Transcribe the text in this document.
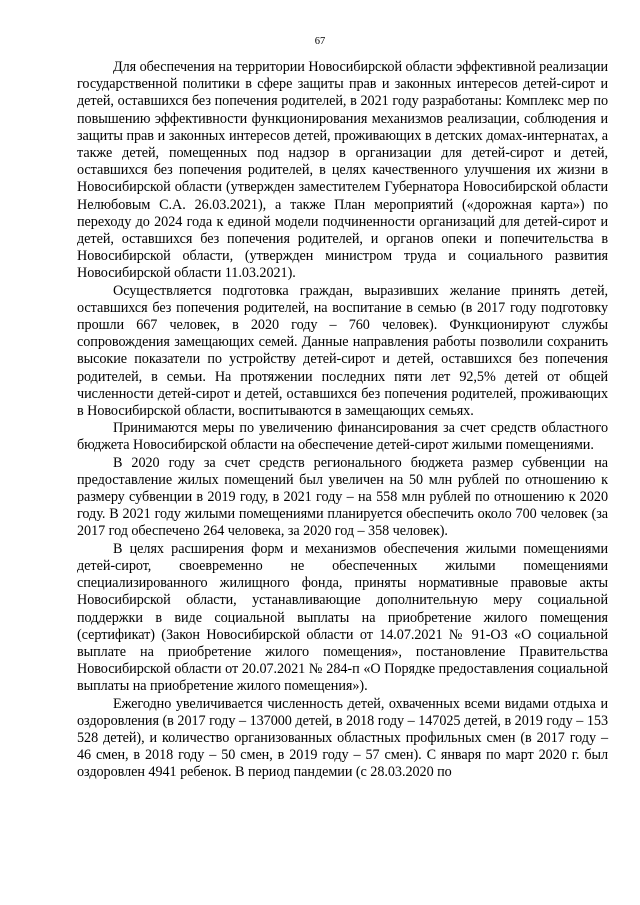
67

Для обеспечения на территории Новосибирской области эффективной реализации государственной политики в сфере защиты прав и законных интересов детей-сирот и детей, оставшихся без попечения родителей, в 2021 году разработаны: Комплекс мер по повышению эффективности функционирования механизмов реализации, соблюдения и защиты прав и законных интересов детей, проживающих в детских домах-интернатах, а также детей, помещенных под надзор в организации для детей-сирот и детей, оставшихся без попечения родителей, в целях качественного улучшения их жизни в Новосибирской области (утвержден заместителем Губернатора Новосибирской области Нелюбовым С.А. 26.03.2021), а также План мероприятий («дорожная карта») по переходу до 2024 года к единой модели подчиненности организаций для детей-сирот и детей, оставшихся без попечения родителей, и органов опеки и попечительства в Новосибирской области, (утвержден министром труда и социального развития Новосибирской области 11.03.2021).

Осуществляется подготовка граждан, выразивших желание принять детей, оставшихся без попечения родителей, на воспитание в семью (в 2017 году подготовку прошли 667 человек, в 2020 году – 760 человек). Функционируют службы сопровождения замещающих семей. Данные направления работы позволили сохранить высокие показатели по устройству детей-сирот и детей, оставшихся без попечения родителей, в семьи. На протяжении последних пяти лет 92,5% детей от общей численности детей-сирот и детей, оставшихся без попечения родителей, проживающих в Новосибирской области, воспитываются в замещающих семьях.

Принимаются меры по увеличению финансирования за счет средств областного бюджета Новосибирской области на обеспечение детей-сирот жилыми помещениями.

В 2020 году за счет средств регионального бюджета размер субвенции на предоставление жилых помещений был увеличен на 50 млн рублей по отношению к размеру субвенции в 2019 году, в 2021 году – на 558 млн рублей по отношению к 2020 году. В 2021 году жилыми помещениями планируется обеспечить около 700 человек (за 2017 год обеспечено 264 человека, за 2020 год – 358 человек).

В целях расширения форм и механизмов обеспечения жилыми помещениями детей-сирот, своевременно не обеспеченных жилыми помещениями специализированного жилищного фонда, приняты нормативные правовые акты Новосибирской области, устанавливающие дополнительную меру социальной поддержки в виде социальной выплаты на приобретение жилого помещения (сертификат) (Закон Новосибирской области от 14.07.2021 № 91-ОЗ «О социальной выплате на приобретение жилого помещения», постановление Правительства Новосибирской области от 20.07.2021 № 284-п «О Порядке предоставления социальной выплаты на приобретение жилого помещения»).

Ежегодно увеличивается численность детей, охваченных всеми видами отдыха и оздоровления (в 2017 году – 137000 детей, в 2018 году – 147025 детей, в 2019 году – 153 528 детей), и количество организованных областных профильных смен (в 2017 году – 46 смен, в 2018 году – 50 смен, в 2019 году – 57 смен). С января по март 2020 г. был оздоровлен 4941 ребенок. В период пандемии (с 28.03.2020 по
